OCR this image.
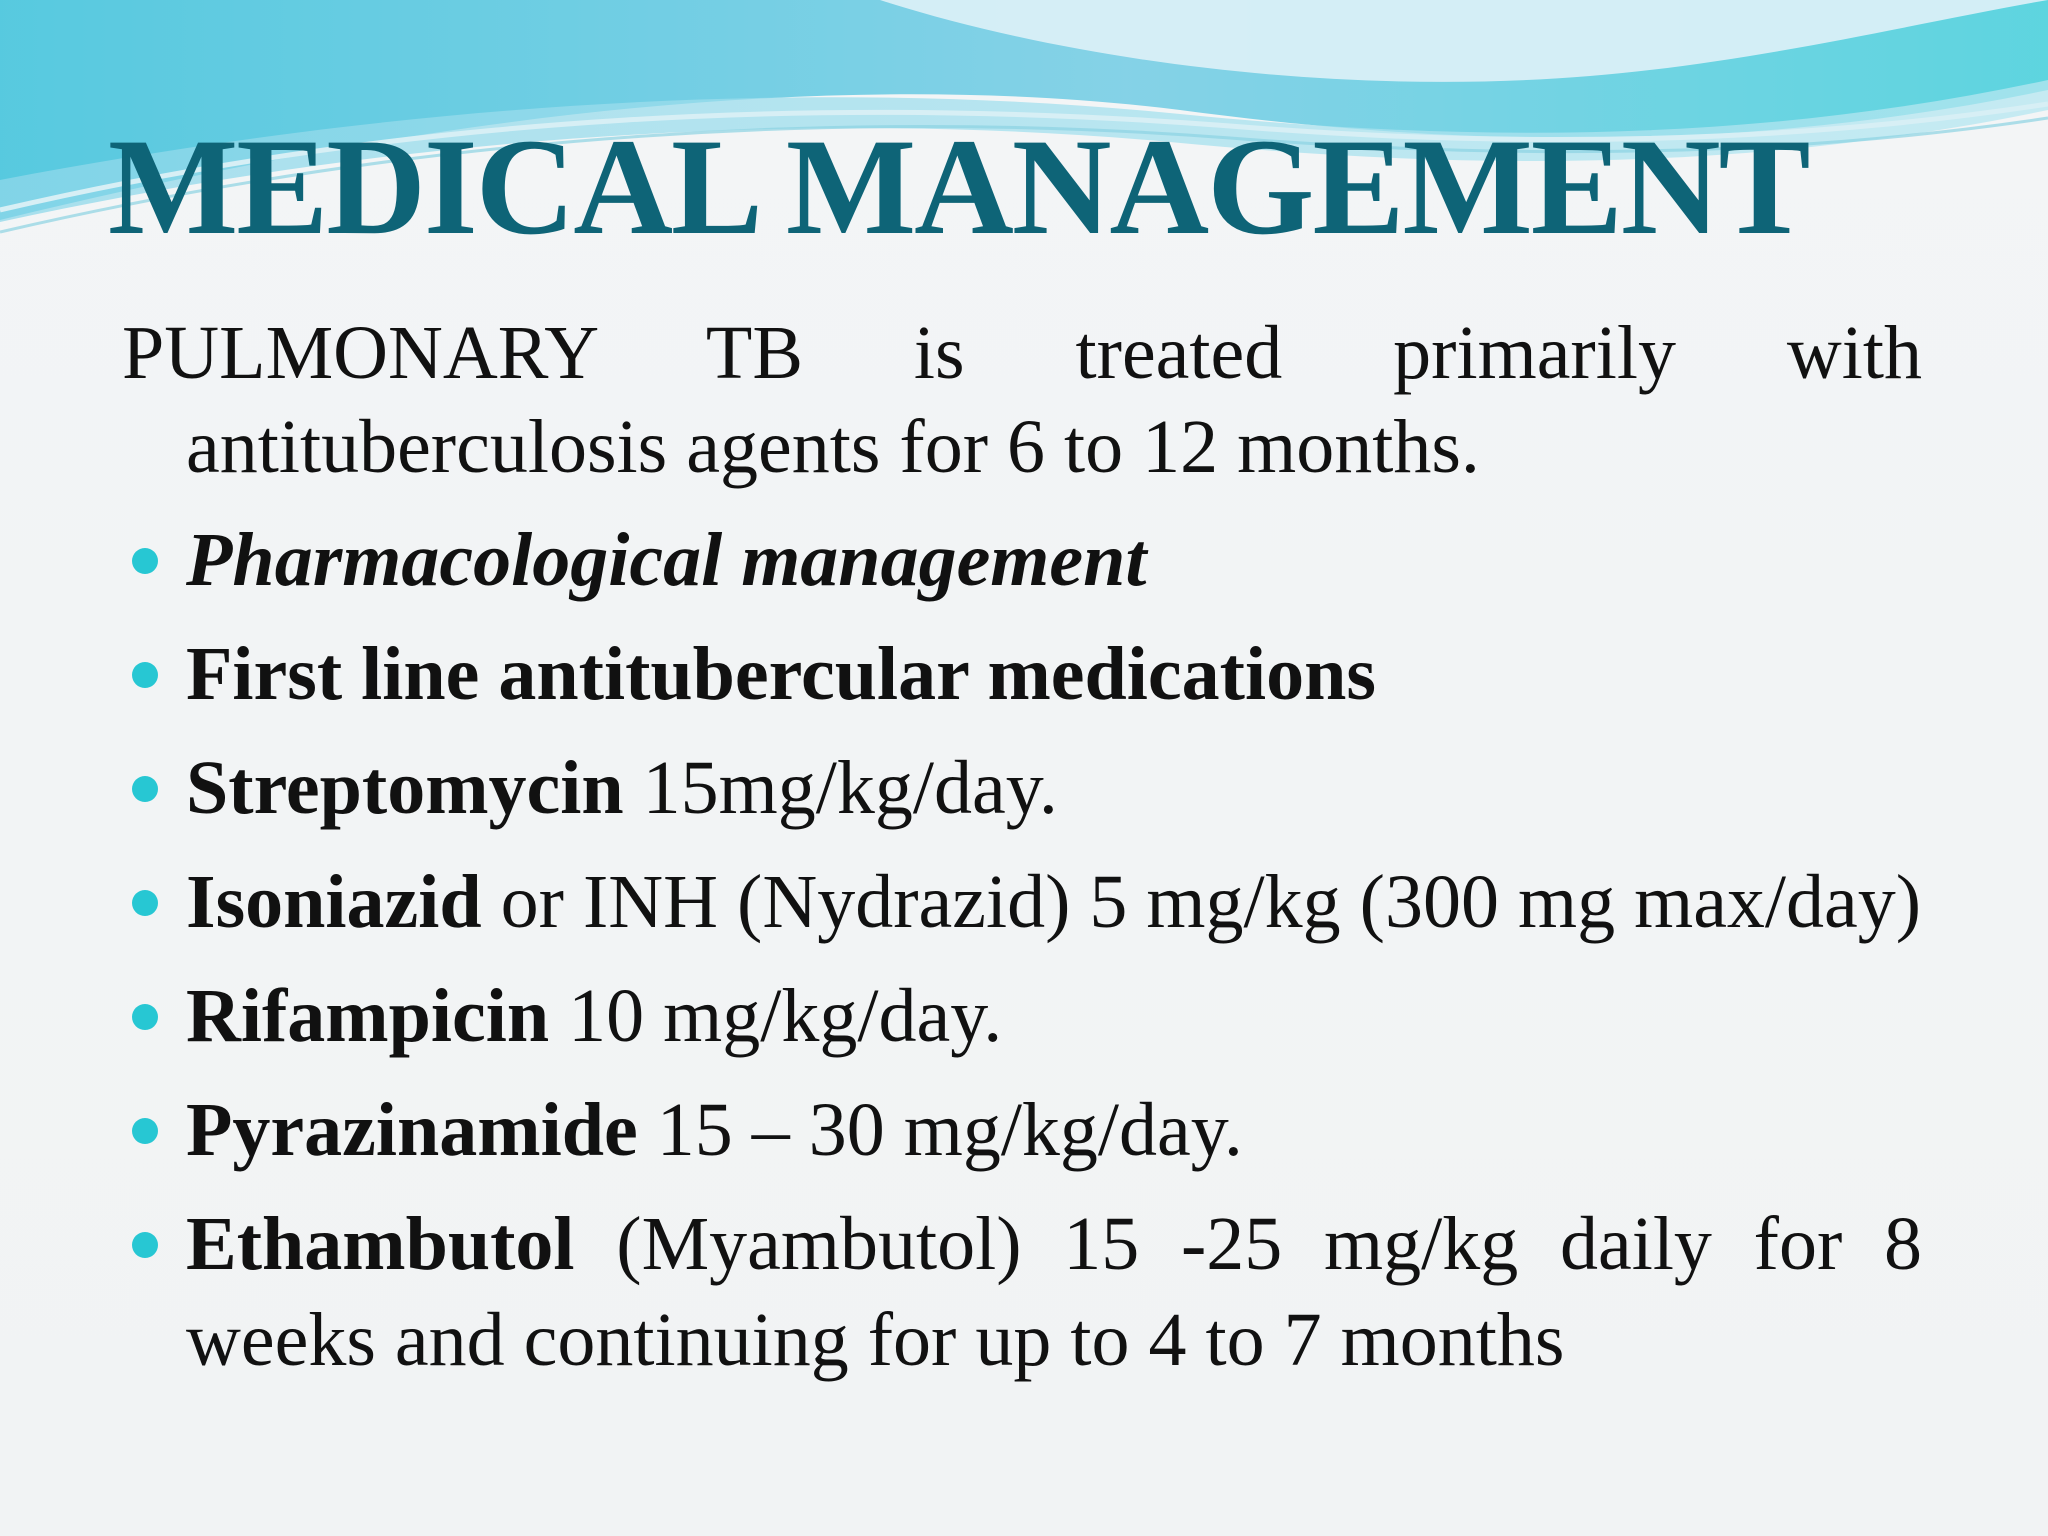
MEDICAL MANAGEMENT

PULMONARY TB is treated primarily with antituberculosis agents for 6 to 12 months.

Pharmacological management
First line antitubercular medications
Streptomycin 15mg/kg/day.
Isoniazid or INH (Nydrazid) 5 mg/kg (300 mg max/day)
Rifampicin 10 mg/kg/day.
Pyrazinamide 15 – 30 mg/kg/day.
Ethambutol (Myambutol) 15 -25 mg/kg daily for 8 weeks and continuing for up to 4 to 7 months
